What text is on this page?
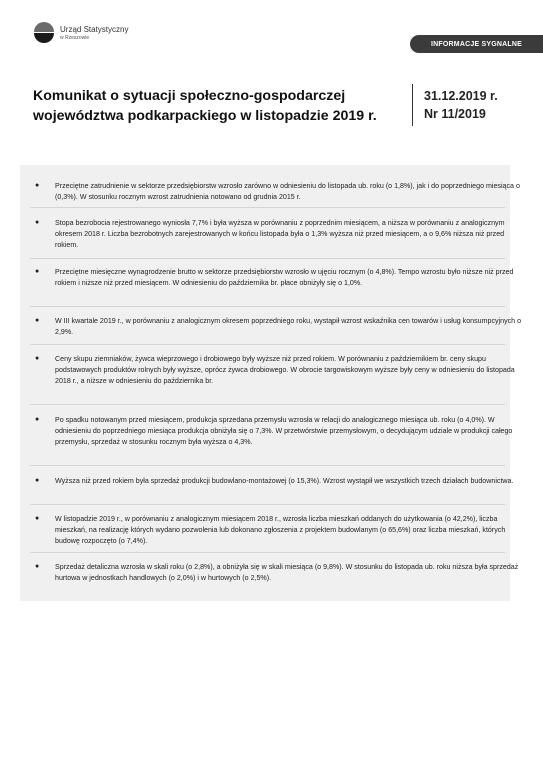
Urząd Statystyczny
w Rzeszowie
INFORMACJE SYGNALNE
Komunikat o sytuacji społeczno-gospodarczej województwa podkarpackiego w listopadzie 2019 r.
31.12.2019 r.
Nr 11/2019
● Przeciętne zatrudnienie w sektorze przedsiębiorstw wzrosło zarówno w odniesieniu do listopada ub. roku (o 1,8%), jak i do poprzedniego miesiąca o (0,3%). W stosunku rocznym wzrost zatrudnienia notowano od grudnia 2015 r.
● Stopa bezrobocia rejestrowanego wyniosła 7,7% i była wyższa w porównaniu z poprzednim miesiącem, a niższa w porównaniu z analogicznym okresem 2018 r. Liczba bezrobotnych zarejestrowanych w końcu listopada była o 1,3% wyższa niż przed miesiącem, a o 9,6% niższa niż przed rokiem.
● Przeciętne miesięczne wynagrodzenie brutto w sektorze przedsiębiorstw wzrosło w ujęciu rocznym (o 4,8%). Tempo wzrostu było niższe niż przed rokiem i niższe niż przed miesiącem. W odniesieniu do października br. płace obniżyły się o 1,0%.
● W III kwartale 2019 r., w porównaniu z analogicznym okresem poprzedniego roku, wystąpił wzrost wskaźnika cen towarów i usług konsumpcyjnych o 2,9%.
● Ceny skupu ziemniaków, żywca wieprzowego i drobiowego były wyższe niż przed rokiem. W porównaniu z październikiem br. ceny skupu podstawowych produktów rolnych były wyższe, oprócz żywca drobiowego. W obrocie targowiskowym wyższe były ceny w odniesieniu do listopada 2018 r., a niższe w odniesieniu do października br.
● Po spadku notowanym przed miesiącem, produkcja sprzedana przemysłu wzrosła w relacji do analogicznego miesiąca ub. roku (o 4,0%). W odniesieniu do poprzedniego miesiąca produkcja obniżyła się o 7,3%. W przetwórstwie przemysłowym, o decydującym udziale w produkcji całego przemysłu, sprzedaż w stosunku rocznym była wyższa o 4,3%.
● Wyższa niż przed rokiem była sprzedaż produkcji budowlano-montażowej (o 15,3%). Wzrost wystąpił we wszystkich trzech działach budownictwa.
● W listopadzie 2019 r., w porównaniu z analogicznym miesiącem 2018 r., wzrosła liczba mieszkań oddanych do użytkowania (o 42,2%), liczba mieszkań, na realizację których wydano pozwolenia lub dokonano zgłoszenia z projektem budowlanym (o 65,6%) oraz liczba mieszkań, których budowę rozpoczęto (o 7,4%).
● Sprzedaż detaliczna wzrosła w skali roku (o 2,8%), a obniżyła się w skali miesiąca (o 9,8%). W stosunku do listopada ub. roku niższa była sprzedaż hurtowa w jednostkach handlowych (o 2,0%) i w hurtowych (o 2,5%).
